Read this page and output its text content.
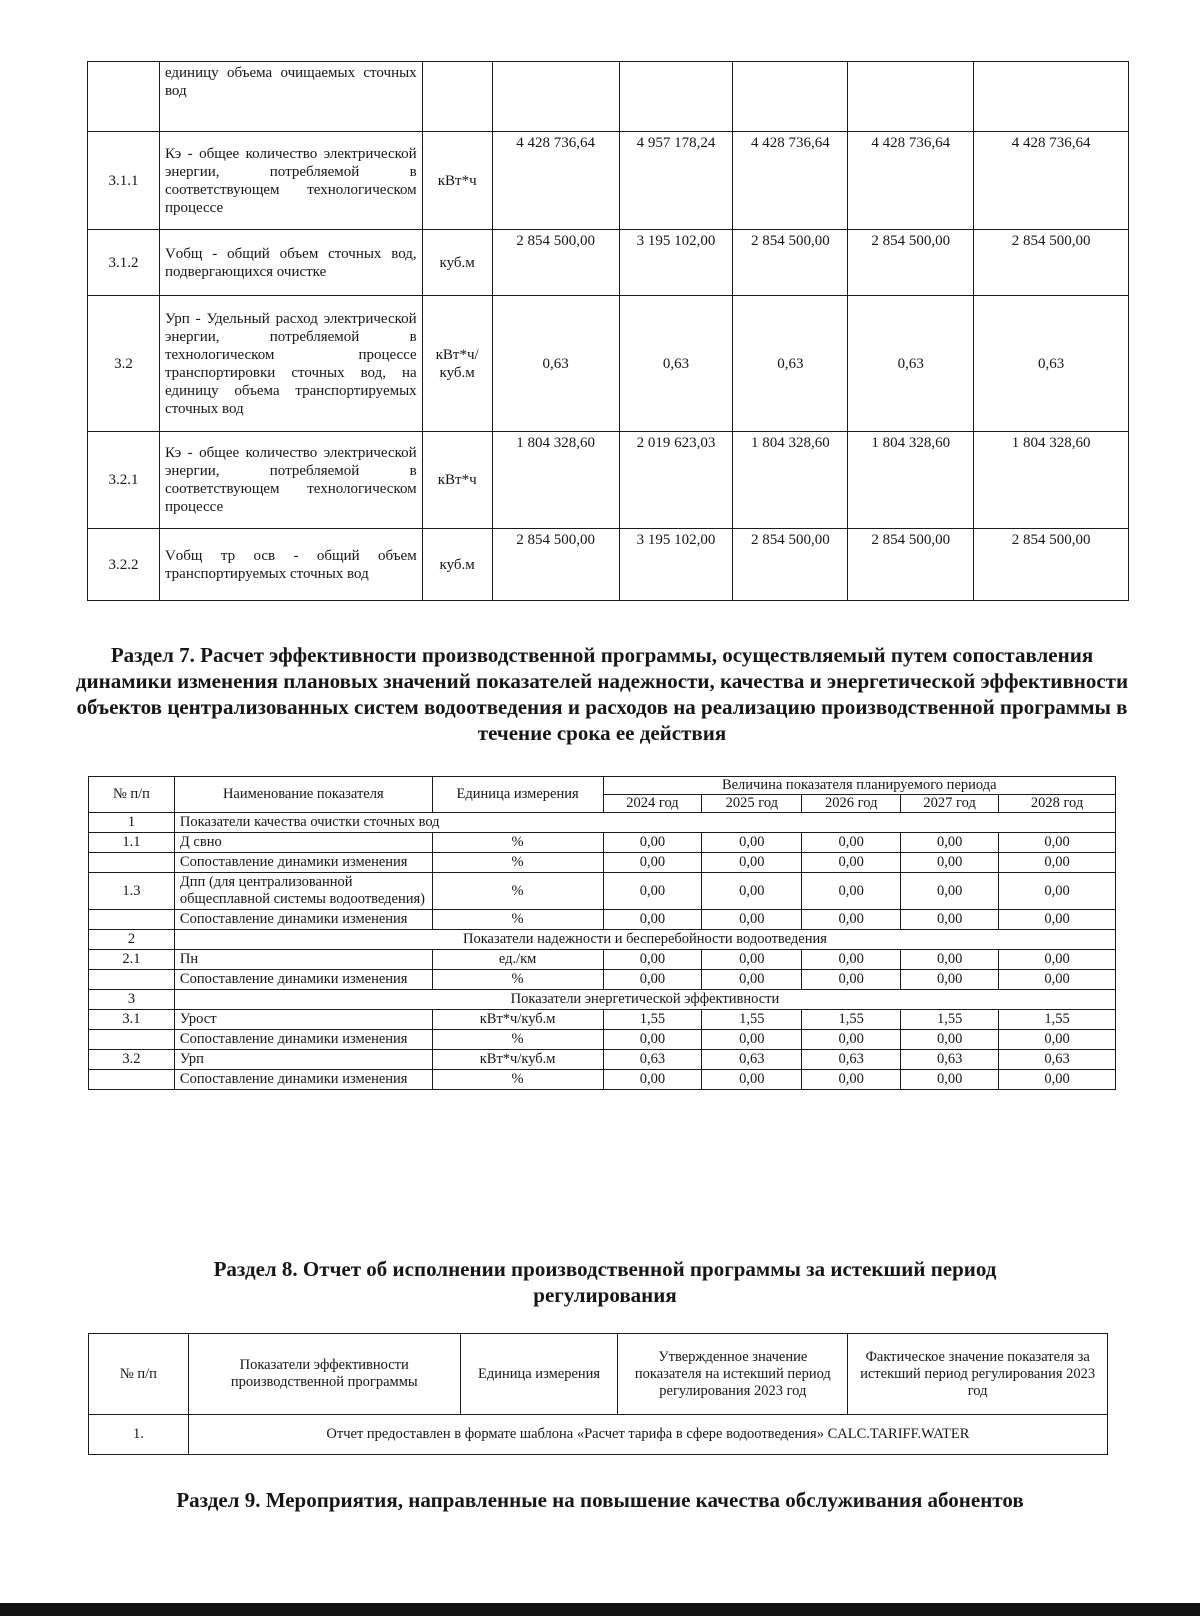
	единицу объема очищаемых сточных вод						
3.1.1	Кэ - общее количество электрической энергии, потребляемой в соответствующем технологическом процессе	кВт*ч	4 428 736,64	4 957 178,24	4 428 736,64	4 428 736,64	4 428 736,64
3.1.2	Vобщ - общий объем сточных вод, подвергающихся очистке	куб.м	2 854 500,00	3 195 102,00	2 854 500,00	2 854 500,00	2 854 500,00
3.2	Урп - Удельный расход электрической энергии, потребляемой в технологическом процессе транспортировки сточных вод, на единицу объема транспортируемых сточных вод	кВт*ч/куб.м	0,63	0,63	0,63	0,63	0,63
3.2.1	Кэ - общее количество электрической энергии, потребляемой в соответствующем технологическом процессе	кВт*ч	1 804 328,60	2 019 623,03	1 804 328,60	1 804 328,60	1 804 328,60
3.2.2	Vобщ тр осв - общий объем транспортируемых сточных вод	куб.м	2 854 500,00	3 195 102,00	2 854 500,00	2 854 500,00	2 854 500,00
Раздел 7. Расчет эффективности производственной программы, осуществляемый путем сопоставления динамики изменения плановых значений показателей надежности, качества и энергетической эффективности объектов централизованных систем водоотведения и расходов на реализацию производственной программы в течение срока ее действия
№ п/п	Наименование показателя	Единица измерения	Величина показателя планируемого периода				
			2024 год	2025 год	2026 год	2027 год	2028 год
1	Показатели качества очистки сточных вод						
1.1	Д свно	%	0,00	0,00	0,00	0,00	0,00
	Сопоставление динамики изменения	%	0,00	0,00	0,00	0,00	0,00
1.3	Дпп (для централизованной общесплавной системы водоотведения)	%	0,00	0,00	0,00	0,00	0,00
	Сопоставление динамики изменения	%	0,00	0,00	0,00	0,00	0,00
2	Показатели надежности и бесперебойности водоотведения						
2.1	Пн	ед./км	0,00	0,00	0,00	0,00	0,00
	Сопоставление динамики изменения	%	0,00	0,00	0,00	0,00	0,00
3	Показатели энергетической эффективности						
3.1	Урост	кВт*ч/куб.м	1,55	1,55	1,55	1,55	1,55
	Сопоставление динамики изменения	%	0,00	0,00	0,00	0,00	0,00
3.2	Урп	кВт*ч/куб.м	0,63	0,63	0,63	0,63	0,63
	Сопоставление динамики изменения	%	0,00	0,00	0,00	0,00	0,00
Раздел 8. Отчет об исполнении производственной программы за истекший период регулирования
№ п/п	Показатели эффективности производственной программы	Единица измерения	Утвержденное значение показателя на истекший период регулирования 2023 год	Фактическое значение показателя за истекший период регулирования 2023 год
1.	Отчет предоставлен в формате шаблона «Расчет тарифа в сфере водоотведения» CALC.TARIFF.WATER			
Раздел 9. Мероприятия, направленные на повышение качества обслуживания абонентов
